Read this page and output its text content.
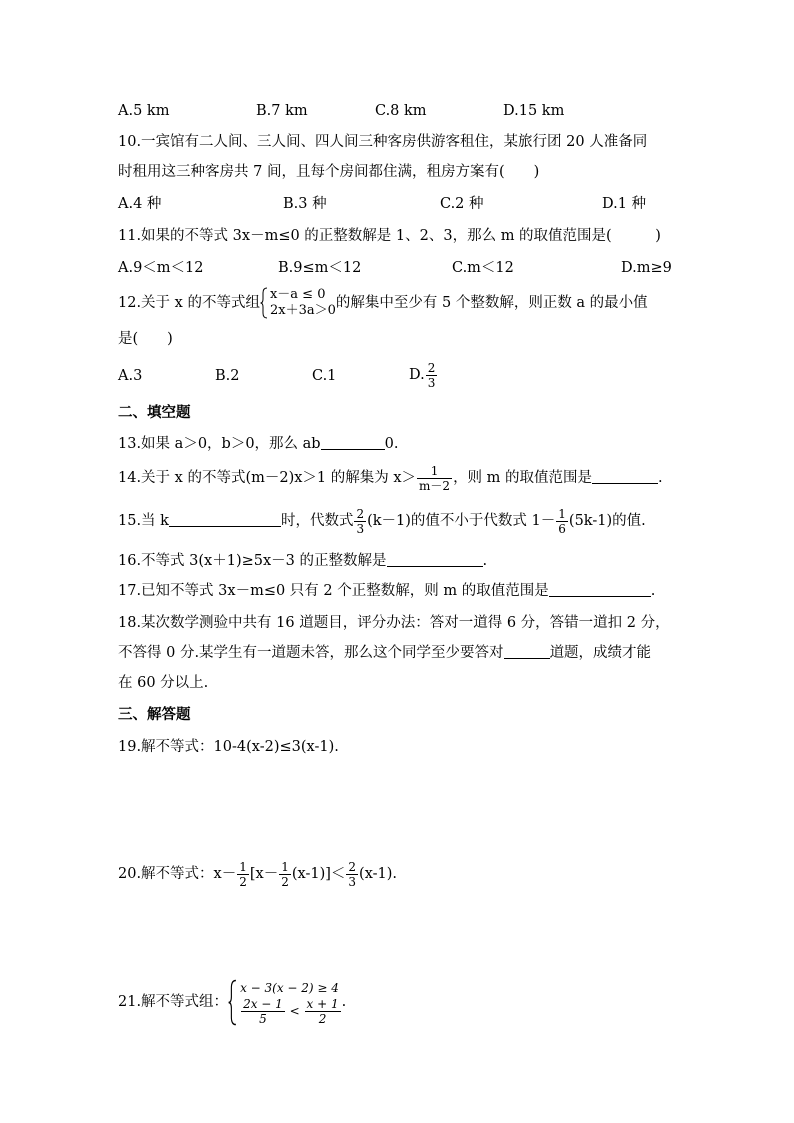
A.5 km	B.7 km	C.8 km	D.15 km
10.一宾馆有二人间、三人间、四人间三种客房供游客租住，某旅行团 20 人准备同
时租用这三种客房共 7 间，且每个房间都住满，租房方案有(　　)
A.4 种	B.3 种	C.2 种	D.1 种
11.如果的不等式 3x－m≤0 的正整数解是 1、2、3，那么 m 的取值范围是(　　　)
A.9＜m＜12	B.9≤m＜12	C.m＜12	D.m≥9
12.关于 x 的不等式组
x－a ≤ 0
2x＋3a＞0 的解集中至少有 5 个整数解，则正数 a 的最小值
是(　　)
A.3	B.2	C.1	D. $\frac{2}{3}$
二、填空题
13.如果 a＞0，b＞0，那么 ab	0.
14.关于 x 的不等式(m－2)x＞1 的解集为 $x> \frac{1}{m-2}$ ，则 m 的取值范围是	.
15.当 k	时，代数式 $\frac{2}{3} (k-1)$的值不小于代数式 $1- \frac{1}{6} (5k-1)$的值.
16.不等式 3(x＋1)≥5x－3 的正整数解是	.
17.已知不等式 3x－m≤0 只有 2 个正整数解，则 m 的取值范围是	.
18.某次数学测验中共有 16 道题目，评分办法：答对一道得 6 分，答错一道扣 2 分，
不答得 0 分.某学生有一道题未答，那么这个同学至少要答对	道题，成绩才能
在 60 分以上.
三、解答题
19.解不等式：10-4(x-2)≤3(x-1).
20.解不等式：$x- \frac{1}{2} [x- \frac{1}{2} (x-1)]< \frac{2}{3} (x-1)$.
21.解不等式组：
x − 3(x − 2) ≥ 4
$\frac{2x - 1}{5} < \frac{x + 1}{2}$ .
